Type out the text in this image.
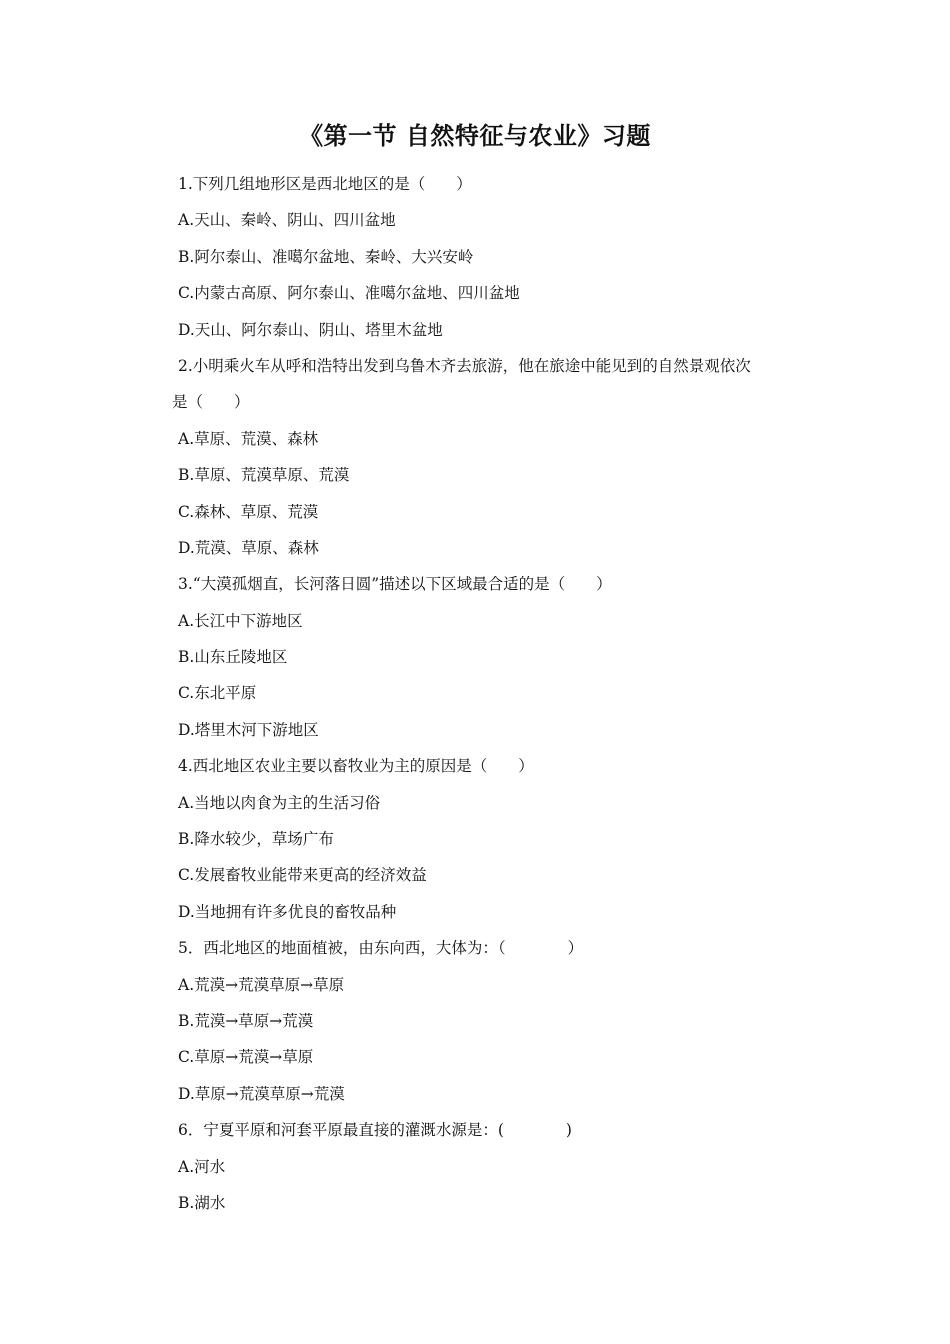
《第一节 自然特征与农业》习题
1.下列几组地形区是西北地区的是（　　）
A.天山、秦岭、阴山、四川盆地
B.阿尔泰山、准噶尔盆地、秦岭、大兴安岭
C.内蒙古高原、阿尔泰山、准噶尔盆地、四川盆地
D.天山、阿尔泰山、阴山、塔里木盆地
2.小明乘火车从呼和浩特出发到乌鲁木齐去旅游，他在旅途中能见到的自然景观依次
是（　　）
A.草原、荒漠、森林
B.草原、荒漠草原、荒漠
C.森林、草原、荒漠
D.荒漠、草原、森林
3.“大漠孤烟直，长河落日圆”描述以下区域最合适的是（　　）
A.长江中下游地区
B.山东丘陵地区
C.东北平原
D.塔里木河下游地区
4.西北地区农业主要以畜牧业为主的原因是（　　）
A.当地以肉食为主的生活习俗
B.降水较少，草场广布
C.发展畜牧业能带来更高的经济效益
D.当地拥有许多优良的畜牧品种
5．西北地区的地面植被，由东向西，大体为：（　　　　）
A.荒漠→荒漠草原→草原
B.荒漠→草原→荒漠
C.草原→荒漠→草原
D.草原→荒漠草原→荒漠
6．宁夏平原和河套平原最直接的灌溉水源是：(　　　　)
A.河水
B.湖水
